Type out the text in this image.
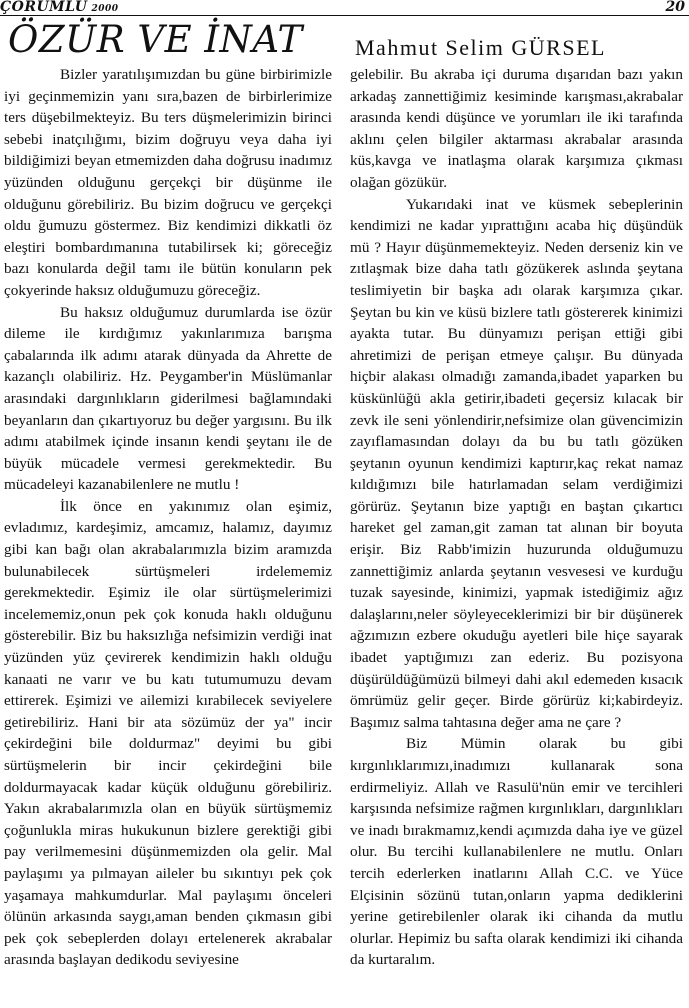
ÇORUMLU 2000	20
ÖZÜR VE İNAT Mahmut Selim GÜRSEL

Bizler yaratılışımızdan bu güne birbirimizle iyi geçinmemizin yanı sıra,bazen de birbirlerimize ters düşebilmekteyiz. Bu ters düşmelerimizin birinci sebebi inatçılığımı, bizim doğruyu veya daha iyi bildiğimizi beyan etmemizden daha doğrusu inadımız yüzünden olduğunu gerçekçi bir düşünme ile olduğunu görebiliriz. Bu bizim doğrucu ve gerçekçi oldu ğumuzu göstermez. Biz kendimizi dikkatli öz eleştiri bombardımanına tutabilirsek ki; göreceğiz bazı konularda değil tamı ile bütün konuların pek çokyerinde haksız olduğumuzu göreceğiz.

Bu haksız olduğumuz durumlarda ise özür dileme ile kırdığımız yakınlarımıza barışma çabalarında ilk adımı atarak dünyada da Ahrette de kazançlı olabiliriz. Hz. Peygamber'in Müslümanlar arasındaki dargınlıkların giderilmesi bağlamındaki beyanların dan çıkartıyoruz bu değer yargısını. Bu ilk adımı atabilmek içinde insanın kendi şeytanı ile de büyük mücadele vermesi gerekmektedir. Bu mücadeleyi kazanabilenlere ne mutlu !

İlk önce en yakınımız olan eşimiz, evladımız, kardeşimiz, amcamız, halamız, dayımız gibi kan bağı olan akrabalarımızla bizim aramızda bulunabilecek sürtüşmeleri irdelememiz gerekmektedir. Eşimiz ile olar sürtüşmelerimizi incelememiz,onun pek çok konuda haklı olduğunu gösterebilir. Biz bu haksızlığa nefsimizin verdiği inat yüzünden yüz çevirerek kendimizin haklı olduğu kanaati ne varır ve bu katı tutumumuzu devam ettirerek. Eşimizi ve ailemizi kırabilecek seviyelere getirebiliriz. Hani bir ata sözümüz der ya" incir çekirdeğini bile doldurmaz" deyimi bu gibi sürtüşmelerin bir incir çekirdeğini bile doldurmayacak kadar küçük olduğunu görebiliriz. Yakın akrabalarımızla olan en büyük sürtüşmemiz çoğunlukla miras hukukunun bizlere gerektiği gibi pay verilmemesini düşünmemizden ola gelir. Mal paylaşımı ya pılmayan aileler bu sıkıntıyı pek çok yaşamaya mahkumdurlar. Mal paylaşımı önceleri ölünün arkasında saygı,aman benden çıkmasın gibi pek çok sebeplerden dolayı ertelenerek akrabalar arasında başlayan dedikodu seviyesine

gelebilir. Bu akraba içi duruma dışarıdan bazı yakın arkadaş zannettiğimiz kesiminde karışması,akrabalar arasında kendi düşünce ve yorumları ile iki tarafında aklını çelen bilgiler aktarması akrabalar arasında küs,kavga ve inatlaşma olarak karşımıza çıkması olağan gözükür.

Yukarıdaki inat ve küsmek sebeplerinin kendimizi ne kadar yıprattığını acaba hiç düşündük mü ? Hayır düşünmemekteyiz. Neden derseniz kin ve zıtlaşmak bize daha tatlı gözükerek aslında şeytana teslimiyetin bir başka adı olarak karşımıza çıkar. Şeytan bu kin ve küsü bizlere tatlı göstererek kinimizi ayakta tutar. Bu dünyamızı perişan ettiği gibi ahretimizi de perişan etmeye çalışır. Bu dünyada hiçbir alakası olmadığı zamanda,ibadet yaparken bu küskünlüğü akla getirir,ibadeti geçersiz kılacak bir zevk ile seni yönlendirir,nefsimize olan güvencimizin zayıflamasından dolayı da bu bu tatlı gözüken şeytanın oyunun kendimizi kaptırır,kaç rekat namaz kıldığımızı bile hatırlamadan selam verdiğimizi görürüz. Şeytanın bize yaptığı en baştan çıkartıcı hareket gel zaman,git zaman tat alınan bir boyuta erişir. Biz Rabb'imizin huzurunda olduğumuzu zannettiğimiz anlarda şeytanın vesvesesi ve kurduğu tuzak sayesinde, kinimizi, yapmak istediğimiz ağız dalaşlarını,neler söyleyeceklerimizi bir bir düşünerek ağzımızın ezbere okuduğu ayetleri bile hiçe sayarak ibadet yaptığımızı zan ederiz. Bu pozisyona düşürüldüğümüzü bilmeyi dahi akıl edemeden kısacık ömrümüz gelir geçer. Birde görürüz ki;kabirdeyiz. Başımız salma tahtasına değer ama ne çare ?

Biz Mümin olarak bu gibi kırgınlıklarımızı,inadımızı kullanarak sona erdirmeliyiz. Allah ve Rasulü'nün emir ve tercihleri karşısında nefsimize rağmen kırgınlıkları, dargınlıkları ve inadı bırakmamız,kendi açımızda daha iye ve güzel olur. Bu tercihi kullanabilenlere ne mutlu. Onları tercih ederlerken inatlarını Allah C.C. ve Yüce Elçisinin sözünü tutan,onların yapma dediklerini yerine getirebilenler olarak iki cihanda da mutlu olurlar. Hepimiz bu safta olarak kendimizi iki cihanda da kurtaralım.
